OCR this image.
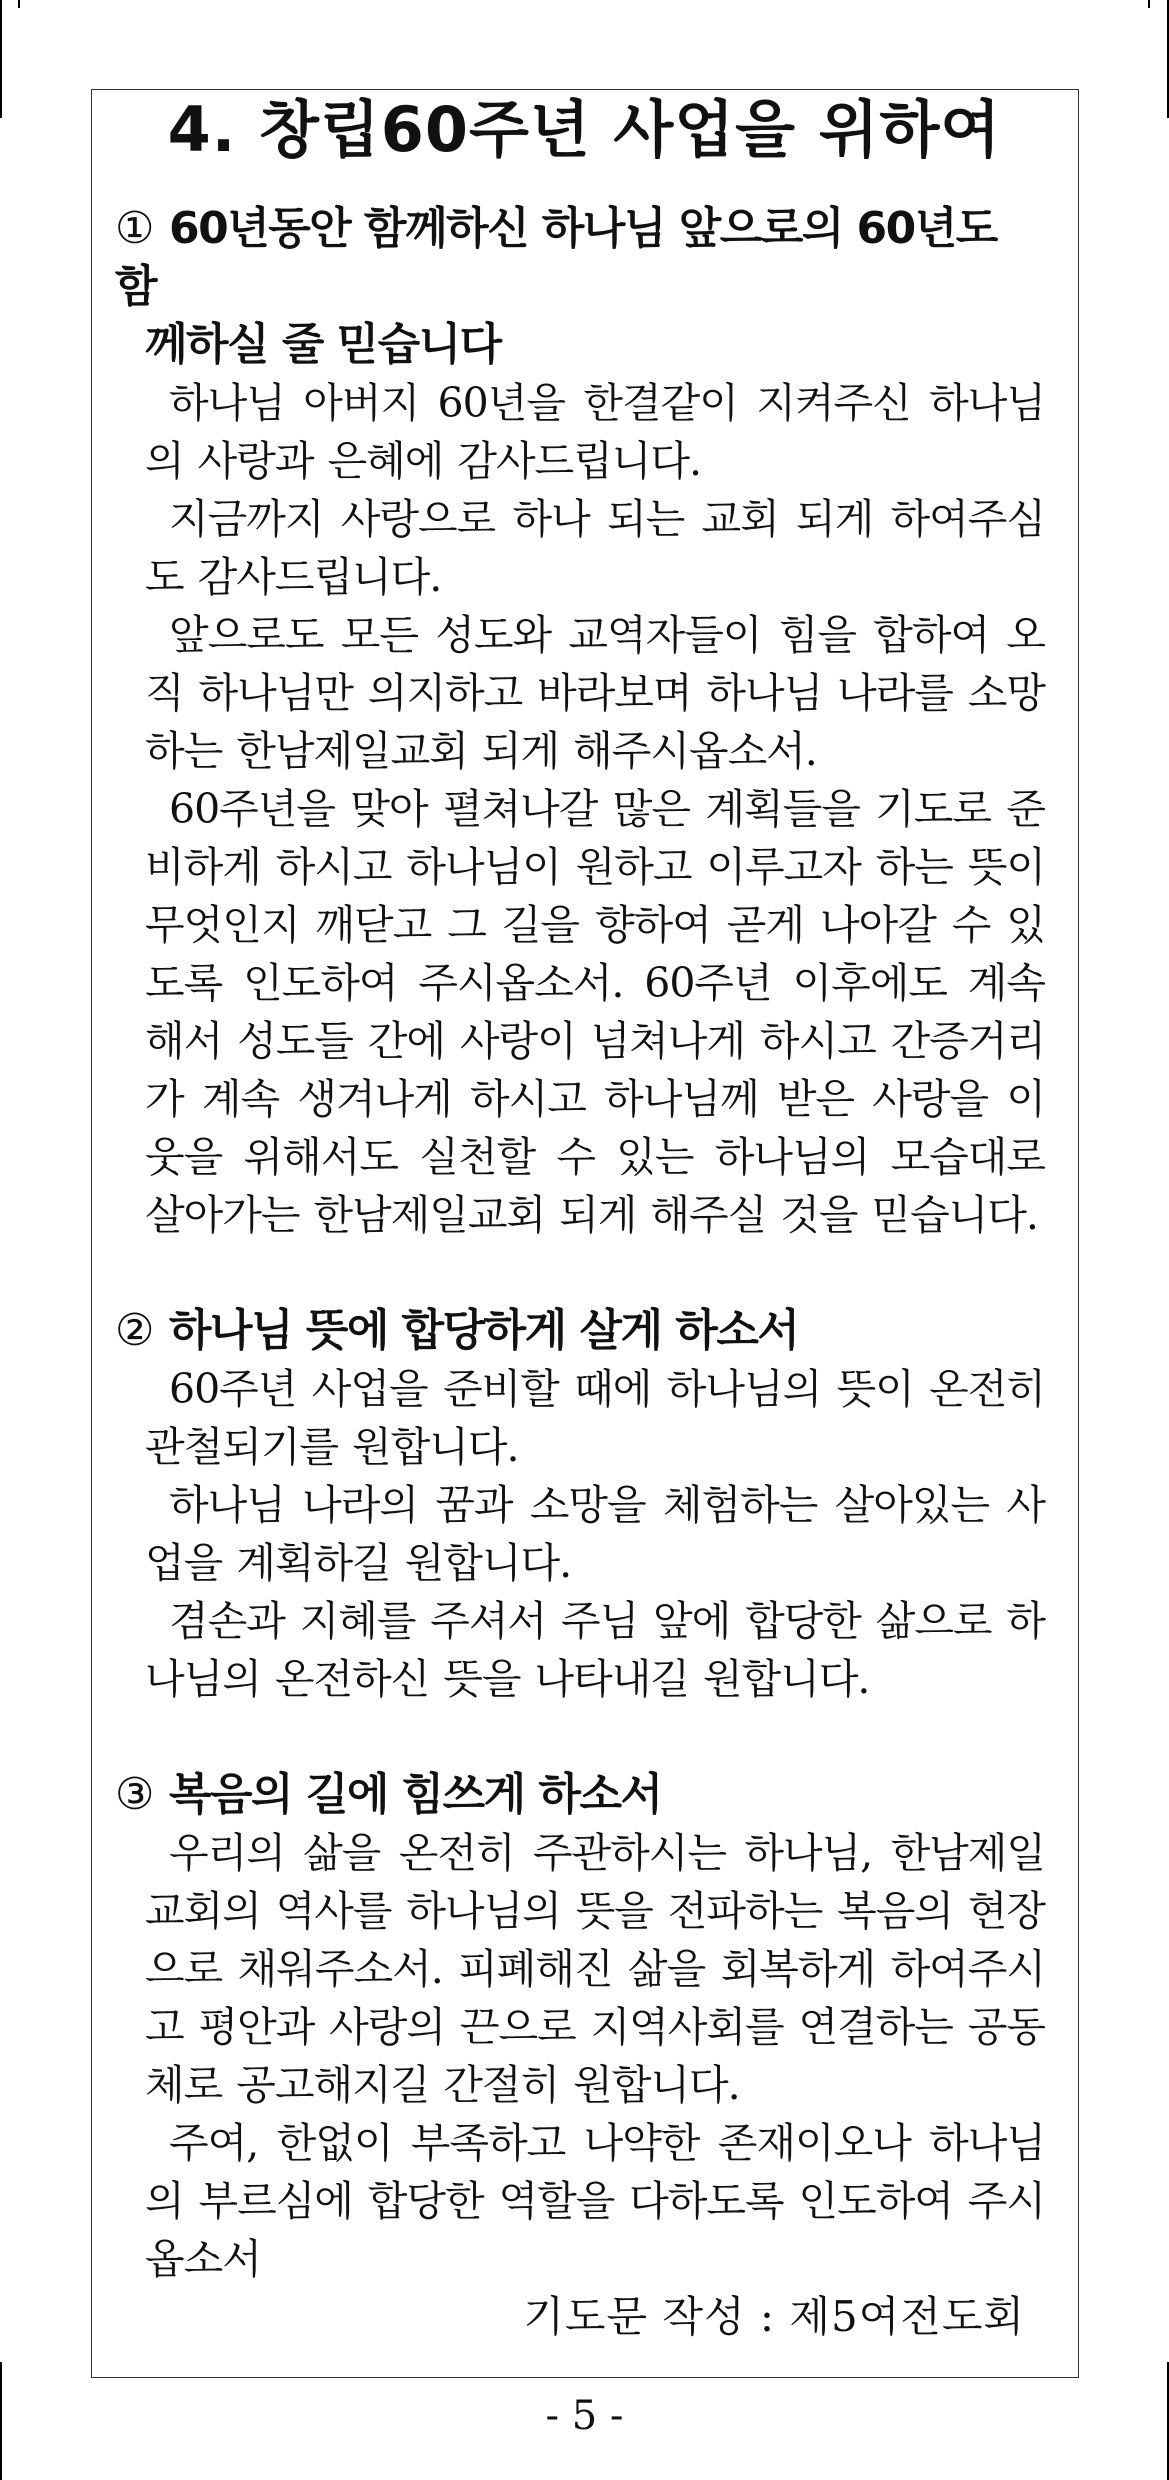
4. 창립60주년 사업을 위하여
① 60년동안 함께하신 하나님 앞으로의 60년도 함
께하실 줄 믿습니다

하나님 아버지 60년을 한결같이 지켜주신 하나님의 사랑과 은혜에 감사드립니다.

지금까지 사랑으로 하나 되는 교회 되게 하여주심도 감사드립니다.

앞으로도 모든 성도와 교역자들이 힘을 합하여 오직 하나님만 의지하고 바라보며 하나님 나라를 소망하는 한남제일교회 되게 해주시옵소서.

60주년을 맞아 펼쳐나갈 많은 계획들을 기도로 준비하게 하시고 하나님이 원하고 이루고자 하는 뜻이 무엇인지 깨닫고 그 길을 향하여 곧게 나아갈 수 있도록 인도하여 주시옵소서. 60주년 이후에도 계속해서 성도들 간에 사랑이 넘쳐나게 하시고 간증거리가 계속 생겨나게 하시고 하나님께 받은 사랑을 이웃을 위해서도 실천할 수 있는 하나님의 모습대로 살아가는 한남제일교회 되게 해주실 것을 믿습니다.

② 하나님 뜻에 합당하게 살게 하소서

60주년 사업을 준비할 때에 하나님의 뜻이 온전히 관철되기를 원합니다.

하나님 나라의 꿈과 소망을 체험하는 살아있는 사업을 계획하길 원합니다.

겸손과 지혜를 주셔서 주님 앞에 합당한 삶으로 하나님의 온전하신 뜻을 나타내길 원합니다.

③ 복음의 길에 힘쓰게 하소서

우리의 삶을 온전히 주관하시는 하나님, 한남제일교회의 역사를 하나님의 뜻을 전파하는 복음의 현장으로 채워주소서. 피폐해진 삶을 회복하게 하여주시고 평안과 사랑의 끈으로 지역사회를 연결하는 공동체로 공고해지길 간절히 원합니다.

주여, 한없이 부족하고 나약한 존재이오나 하나님의 부르심에 합당한 역할을 다하도록 인도하여 주시옵소서

기도문 작성 : 제5여전도회
- 5 -
